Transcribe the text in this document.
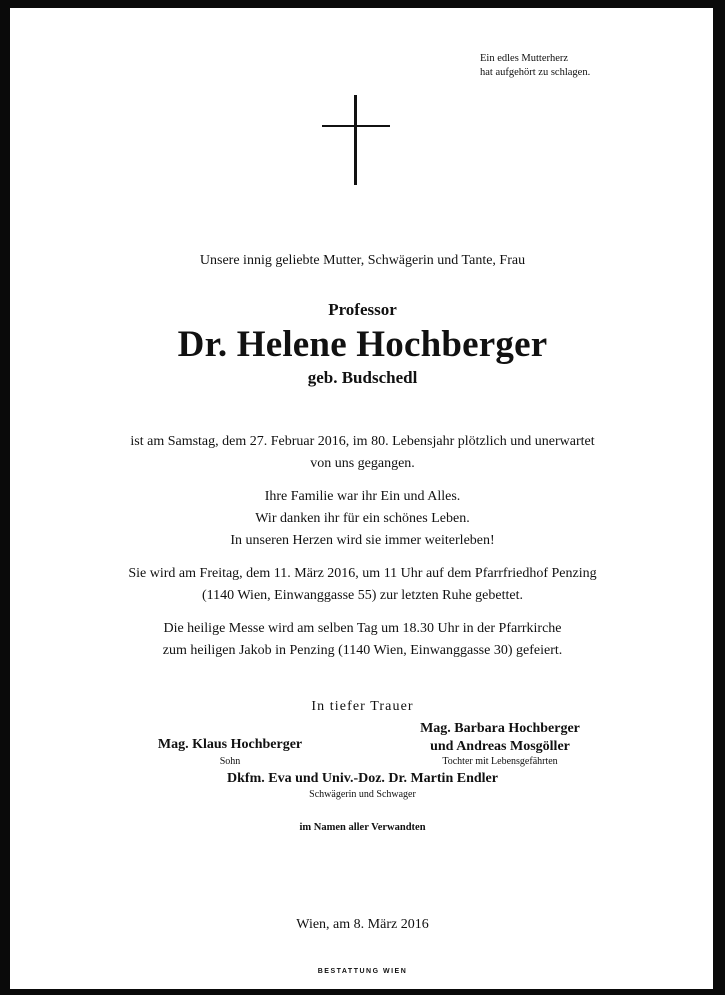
Ein edles Mutterherz
hat aufgehört zu schlagen.
Unsere innig geliebte Mutter, Schwägerin und Tante, Frau
Professor
Dr. Helene Hochberger
geb. Budschedl
ist am Samstag, dem 27. Februar 2016, im 80. Lebensjahr plötzlich und unerwartet
von uns gegangen.
Ihre Familie war ihr Ein und Alles.
Wir danken ihr für ein schönes Leben.
In unseren Herzen wird sie immer weiterleben!
Sie wird am Freitag, dem 11. März 2016, um 11 Uhr auf dem Pfarrfriedhof Penzing
(1140 Wien, Einwanggasse 55) zur letzten Ruhe gebettet.
Die heilige Messe wird am selben Tag um 18.30 Uhr in der Pfarrkirche
zum heiligen Jakob in Penzing (1140 Wien, Einwanggasse 30) gefeiert.
In tiefer Trauer
Mag. Barbara Hochberger
und Andreas Mosgöller
Tochter mit Lebensgefährten
Mag. Klaus Hochberger
Sohn
Dkfm. Eva und Univ.-Doz. Dr. Martin Endler
Schwägerin und Schwager
im Namen aller Verwandten
Wien, am 8. März 2016
BESTATTUNG WIEN
